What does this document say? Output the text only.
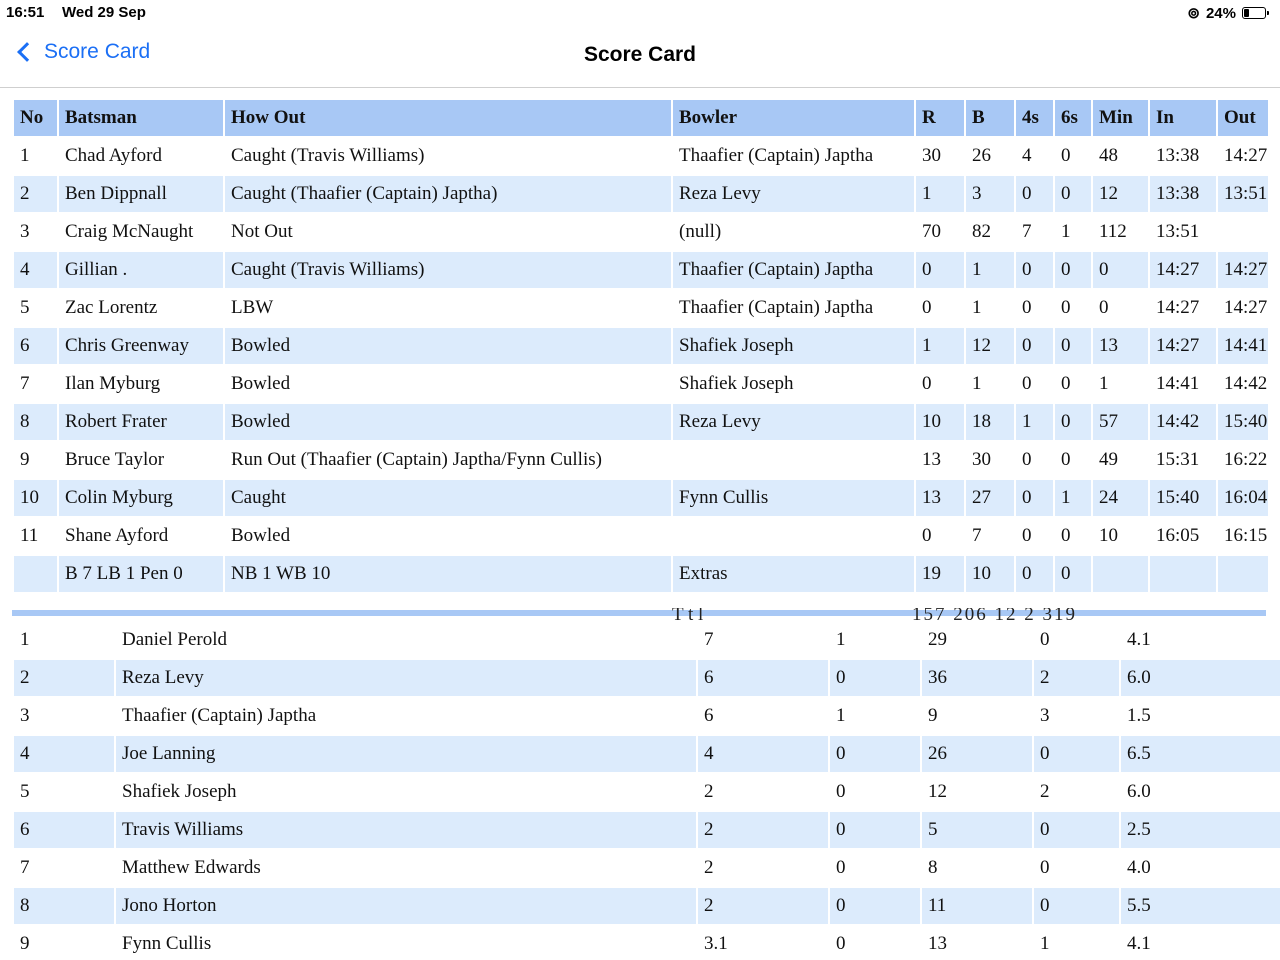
16:51 Wed 29 Sep	⊚ 24%
Score Card	Score Card
No	Batsman	How Out	Bowler	R	B	4s	6s	Min	In	Out
1	Chad Ayford	Caught (Travis Williams)	Thaafier (Captain) Japtha	30	26	4	0	48	13:38	14:27
2	Ben Dippnall	Caught (Thaafier (Captain) Japtha)	Reza Levy	1	3	0	0	12	13:38	13:51
3	Craig McNaught	Not Out	(null)	70	82	7	1	112	13:51	
4	Gillian .	Caught (Travis Williams)	Thaafier (Captain) Japtha	0	1	0	0	0	14:27	14:27
5	Zac Lorentz	LBW	Thaafier (Captain) Japtha	0	1	0	0	0	14:27	14:27
6	Chris Greenway	Bowled	Shafiek Joseph	1	12	0	0	13	14:27	14:41
7	Ilan Myburg	Bowled	Shafiek Joseph	0	1	0	0	1	14:41	14:42
8	Robert Frater	Bowled	Reza Levy	10	18	1	0	57	14:42	15:40
9	Bruce Taylor	Run Out (Thaafier (Captain) Japtha/Fynn Cullis)		13	30	0	0	49	15:31	16:22
10	Colin Myburg	Caught	Fynn Cullis	13	27	0	1	24	15:40	16:04
11	Shane Ayford	Bowled		0	7	0	0	10	16:05	16:15
	B 7 LB 1 Pen 0	NB 1 WB 10	Extras	19	10	0	0			
T t l	157 206 12 2 319
1	Daniel Perold	7	1	29	0	4.1
2	Reza Levy	6	0	36	2	6.0
3	Thaafier (Captain) Japtha	6	1	9	3	1.5
4	Joe Lanning	4	0	26	0	6.5
5	Shafiek Joseph	2	0	12	2	6.0
6	Travis Williams	2	0	5	0	2.5
7	Matthew Edwards	2	0	8	0	4.0
8	Jono Horton	2	0	11	0	5.5
9	Fynn Cullis	3.1	0	13	1	4.1
